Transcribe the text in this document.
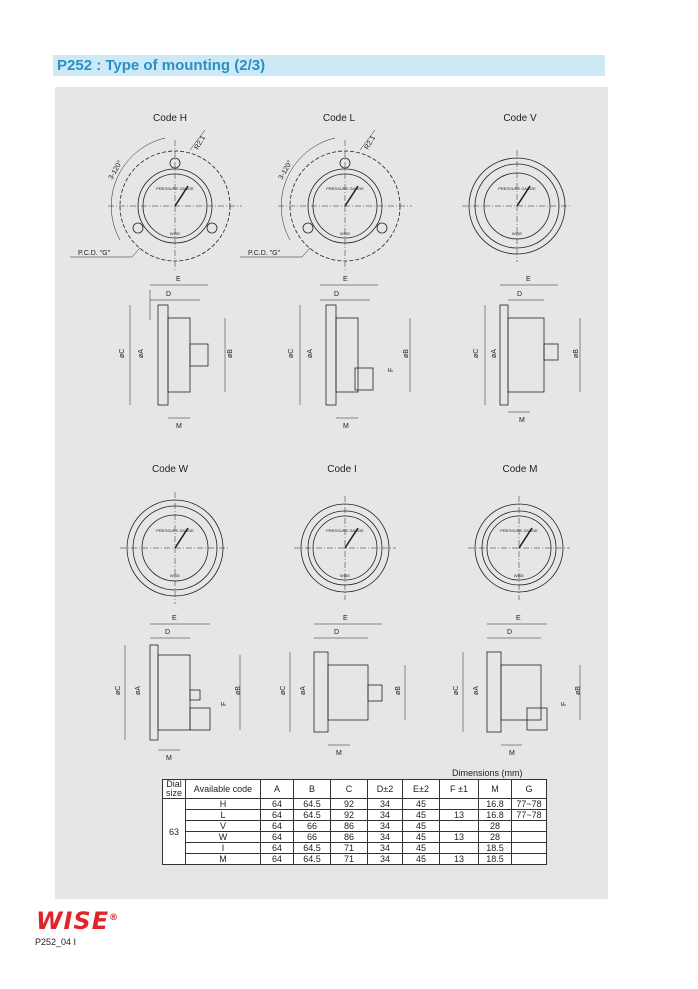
P252 : Type of mounting (2/3)
Code H	Code L	Code V
Code W	Code I	Code M
PRESSURE GAUGE
WISE
PRESSURE GAUGE
WISE
PRESSURE GAUGE
WISE
PRESSURE GAUGE
WISE
PRESSURE GAUGE
WISE
PRESSURE GAUGE
WISE
3-120°
R2.1
P.C.D. "G"
3-120°
R2.1
P.C.D. "G"
E
D
M
øC øA	øB
E
D
M
F
øC øA	øB
E
D
M
øC øA	øB
E
D
M
F
øC øA	øB
E
D
M
øC øA	øB
E
D
M
F
øC øA	øB
Dimensions (mm)
Dial size	Available code	A	B	C	D±2	E±2	F ±1	M	G
63	H	64	64.5	92	34	45		16.8	77~78
	L	64	64.5	92	34	45	13	16.8	77~78
	V	64	66	86	34	45		28	
	W	64	66	86	34	45	13	28	
	I	64	64.5	71	34	45		18.5	
	M	64	64.5	71	34	45	13	18.5	
WISE®
P252_04 I
